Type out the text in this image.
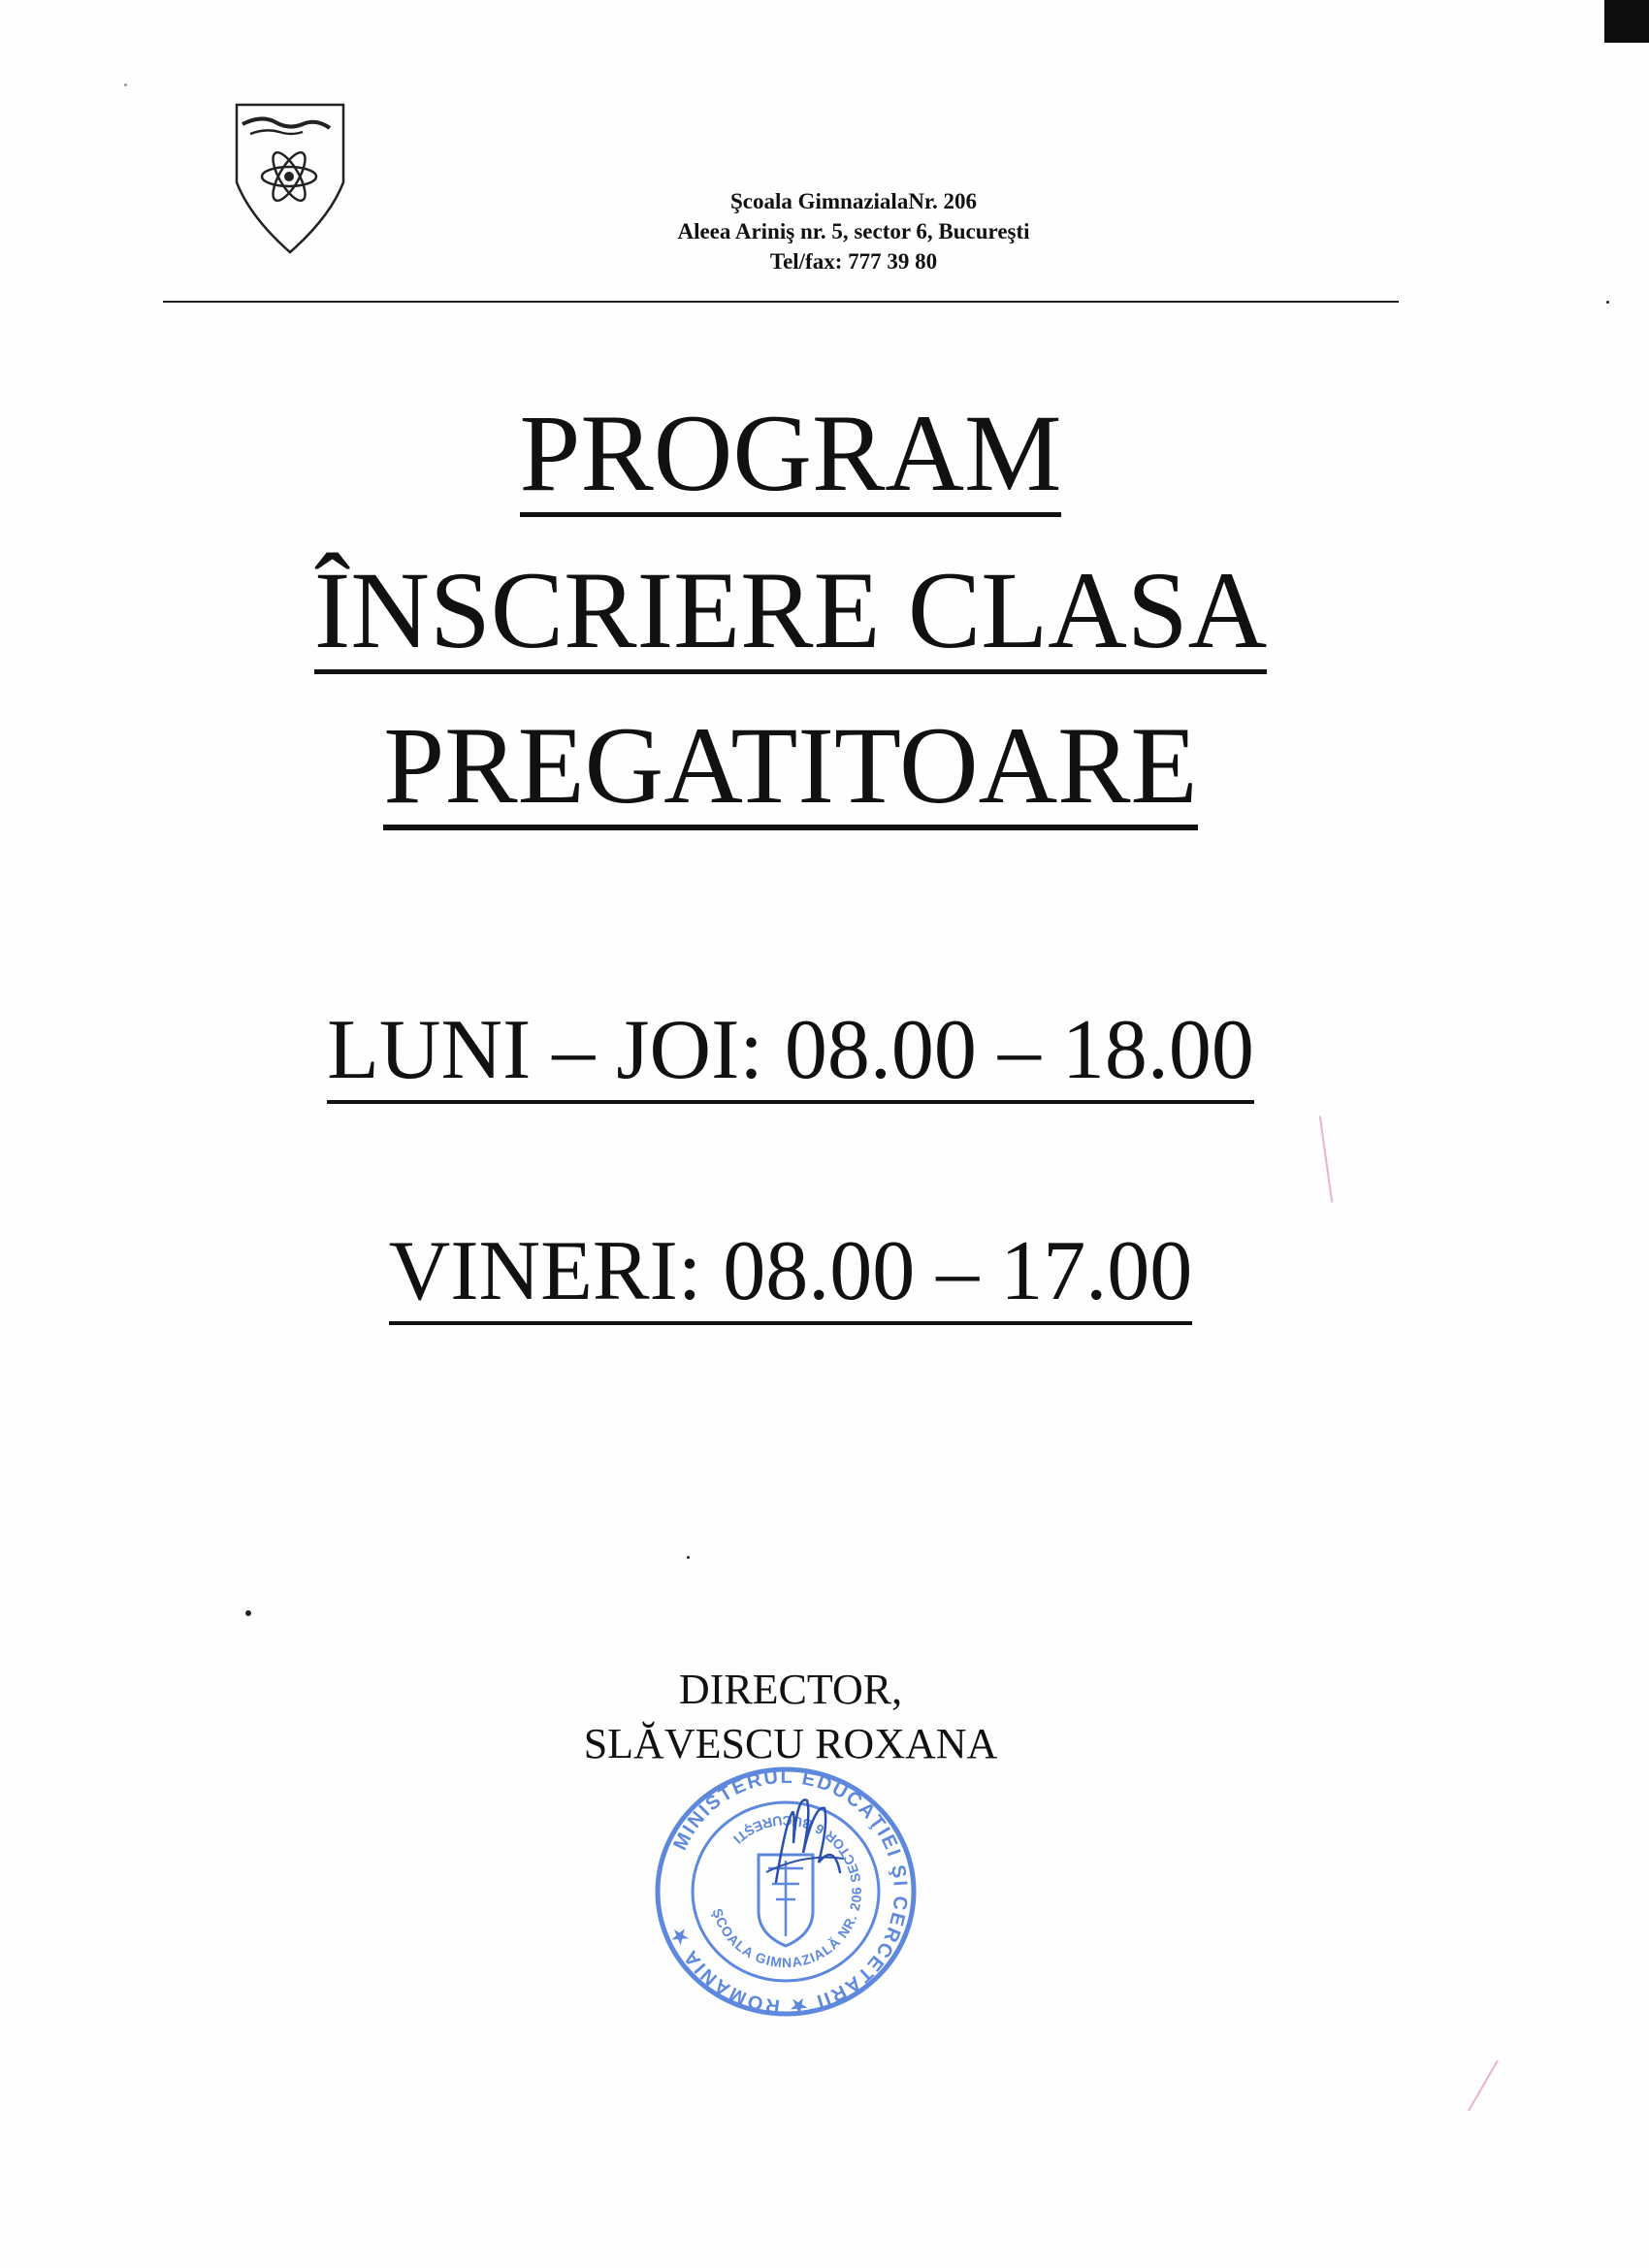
Şcoala GimnazialaNr. 206
Aleea Ariniş nr. 5, sector 6, Bucureşti
Tel/fax: 777 39 80
PROGRAM
ÎNSCRIERE CLASA
PREGATITOARE
LUNI – JOI: 08.00 – 18.00
VINERI: 08.00 – 17.00
DIRECTOR,
SLĂVESCU ROXANA
MINISTERUL EDUCAŢIEI ŞI CERCETĂRII ★ ROMÂNIA ★
ŞCOALA GIMNAZIALĂ NR. 206 SECTOR 6 BUCUREŞTI
